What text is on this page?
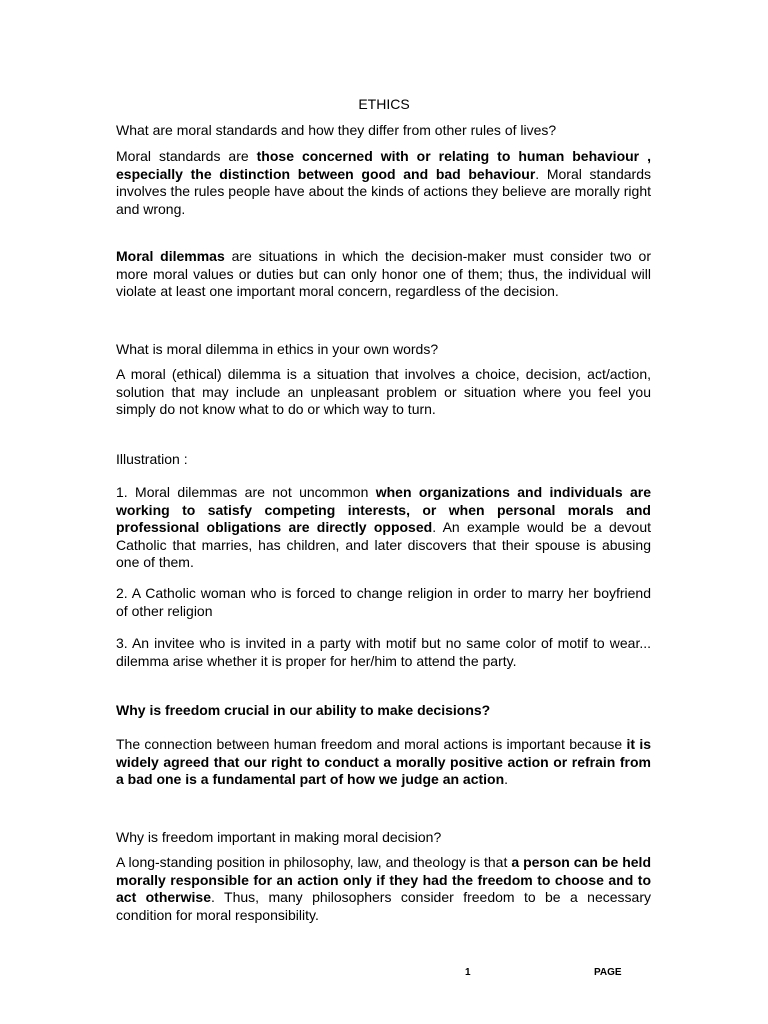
ETHICS

What are moral standards and how they differ from other rules of lives?

Moral standards are those concerned with or relating to human behaviour , especially the distinction between good and bad behaviour. Moral standards involves the rules people have about the kinds of actions they believe are morally right and wrong.

Moral dilemmas are situations in which the decision-maker must consider two or more moral values or duties but can only honor one of them; thus, the individual will violate at least one important moral concern, regardless of the decision.

What is moral dilemma in ethics in your own words?

A moral (ethical) dilemma is a situation that involves a choice, decision, act/action, solution that may include an unpleasant problem or situation where you feel you simply do not know what to do or which way to turn.

Illustration :

1. Moral dilemmas are not uncommon when organizations and individuals are working to satisfy competing interests, or when personal morals and professional obligations are directly opposed. An example would be a devout Catholic that marries, has children, and later discovers that their spouse is abusing one of them.

2. A Catholic woman who is forced to change religion in order to marry her boyfriend of other religion

3. An invitee who is invited in a party with motif but no same color of motif to wear... dilemma arise whether it is proper for her/him to attend the party.

Why is freedom crucial in our ability to make decisions?

The connection between human freedom and moral actions is important because it is widely agreed that our right to conduct a morally positive action or refrain from a bad one is a fundamental part of how we judge an action.

Why is freedom important in making moral decision?

A long-standing position in philosophy, law, and theology is that a person can be held morally responsible for an action only if they had the freedom to choose and to act otherwise. Thus, many philosophers consider freedom to be a necessary condition for moral responsibility.

1	PAGE
